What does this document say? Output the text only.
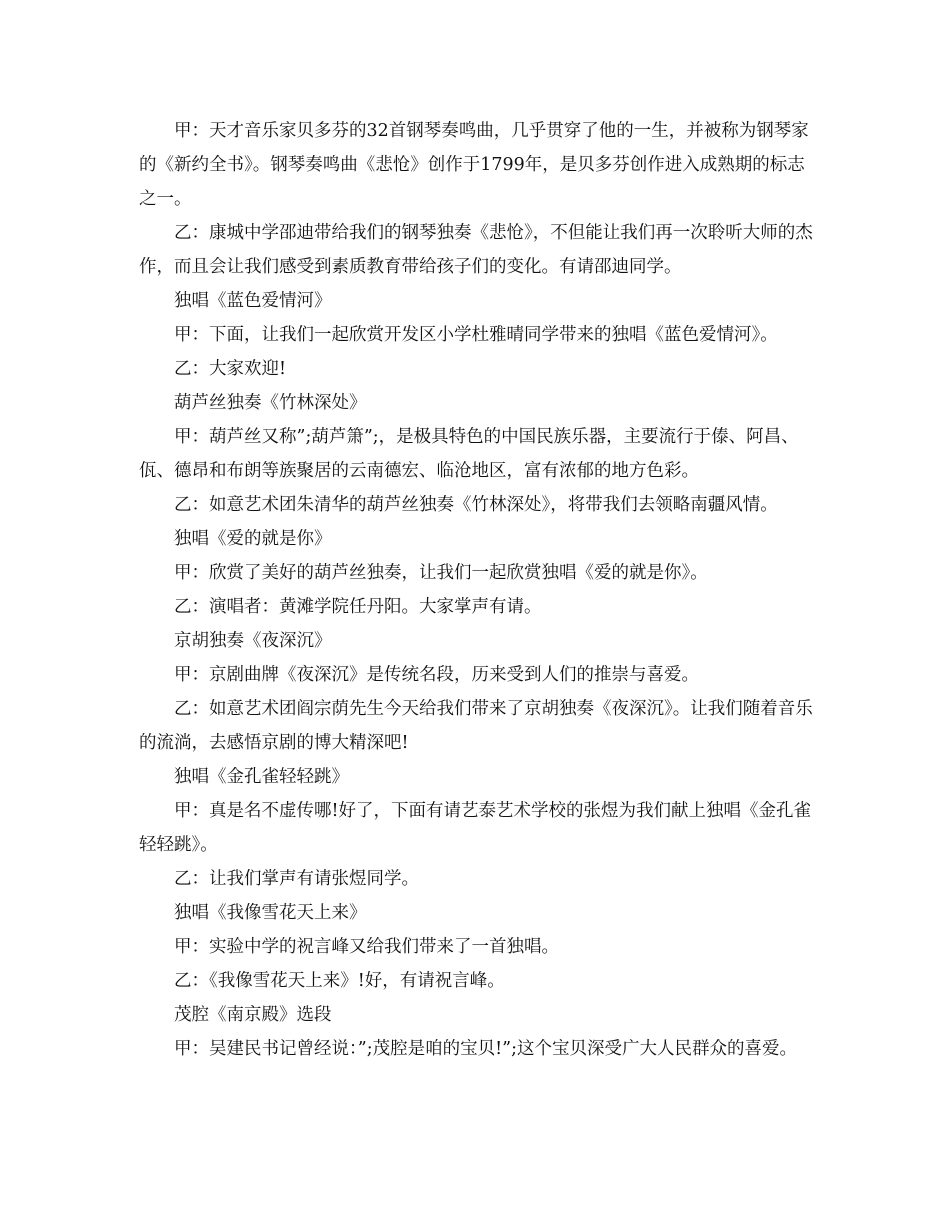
甲：天才音乐家贝多芬的32首钢琴奏鸣曲，几乎贯穿了他的一生，并被称为钢琴家的《新约全书》。钢琴奏鸣曲《悲怆》创作于1799年，是贝多芬创作进入成熟期的标志之一。

乙：康城中学邵迪带给我们的钢琴独奏《悲怆》，不但能让我们再一次聆听大师的杰作，而且会让我们感受到素质教育带给孩子们的变化。有请邵迪同学。

独唱《蓝色爱情河》

甲：下面，让我们一起欣赏开发区小学杜雅晴同学带来的独唱《蓝色爱情河》。

乙：大家欢迎!

葫芦丝独奏《竹林深处》

甲：葫芦丝又称”;葫芦箫”;，是极具特色的中国民族乐器，主要流行于傣、阿昌、佤、德昂和布朗等族聚居的云南德宏、临沧地区，富有浓郁的地方色彩。

乙：如意艺术团朱清华的葫芦丝独奏《竹林深处》，将带我们去领略南疆风情。

独唱《爱的就是你》

甲：欣赏了美好的葫芦丝独奏，让我们一起欣赏独唱《爱的就是你》。

乙：演唱者：黄滩学院任丹阳。大家掌声有请。

京胡独奏《夜深沉》

甲：京剧曲牌《夜深沉》是传统名段，历来受到人们的推崇与喜爱。

乙：如意艺术团阎宗荫先生今天给我们带来了京胡独奏《夜深沉》。让我们随着音乐的流淌，去感悟京剧的博大精深吧!

独唱《金孔雀轻轻跳》

甲：真是名不虚传哪!好了，下面有请艺泰艺术学校的张煜为我们献上独唱《金孔雀轻轻跳》。

乙：让我们掌声有请张煜同学。

独唱《我像雪花天上来》

甲：实验中学的祝言峰又给我们带来了一首独唱。

乙：《我像雪花天上来》!好，有请祝言峰。

茂腔《南京殿》选段

甲：吴建民书记曾经说：”;茂腔是咱的宝贝!”;这个宝贝深受广大人民群众的喜爱。
